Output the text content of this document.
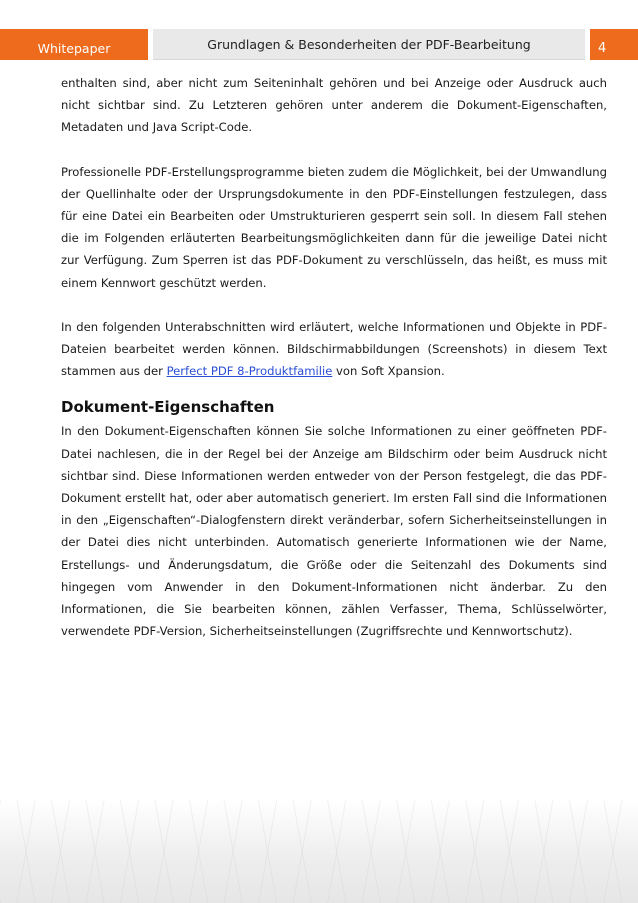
Whitepaper	Grundlagen & Besonderheiten der PDF-Bearbeitung	4

enthalten sind, aber nicht zum Seiteninhalt gehören und bei Anzeige oder Ausdruck auch nicht sichtbar sind. Zu Letzteren gehören unter anderem die Dokument-Eigenschaften, Metadaten und Java Script-Code.

Professionelle PDF-Erstellungsprogramme bieten zudem die Möglichkeit, bei der Umwandlung der Quellinhalte oder der Ursprungsdokumente in den PDF-Einstellungen festzulegen, dass für eine Datei ein Bearbeiten oder Umstrukturieren gesperrt sein soll. In diesem Fall stehen die im Folgenden erläuterten Bearbeitungsmöglichkeiten dann für die jeweilige Datei nicht zur Verfügung. Zum Sperren ist das PDF-Dokument zu verschlüsseln, das heißt, es muss mit einem Kennwort geschützt werden.

In den folgenden Unterabschnitten wird erläutert, welche Informationen und Objekte in PDF-Dateien bearbeitet werden können. Bildschirmabbildungen (Screenshots) in diesem Text stammen aus der Perfect PDF 8-Produktfamilie von Soft Xpansion.

Dokument-Eigenschaften

In den Dokument-Eigenschaften können Sie solche Informationen zu einer geöffneten PDF-Datei nachlesen, die in der Regel bei der Anzeige am Bildschirm oder beim Ausdruck nicht sichtbar sind. Diese Informationen werden entweder von der Person festgelegt, die das PDF-Dokument erstellt hat, oder aber automatisch generiert. Im ersten Fall sind die Informationen in den „Eigenschaften“-Dialogfenstern direkt veränderbar, sofern Sicherheitseinstellungen in der Datei dies nicht unterbinden. Automatisch generierte Informationen wie der Name, Erstellungs- und Änderungsdatum, die Größe oder die Seitenzahl des Dokuments sind hingegen vom Anwender in den Dokument-Informationen nicht änderbar. Zu den Informationen, die Sie bearbeiten können, zählen Verfasser, Thema, Schlüsselwörter, verwendete PDF-Version, Sicherheitseinstellungen (Zugriffsrechte und Kennwortschutz).
